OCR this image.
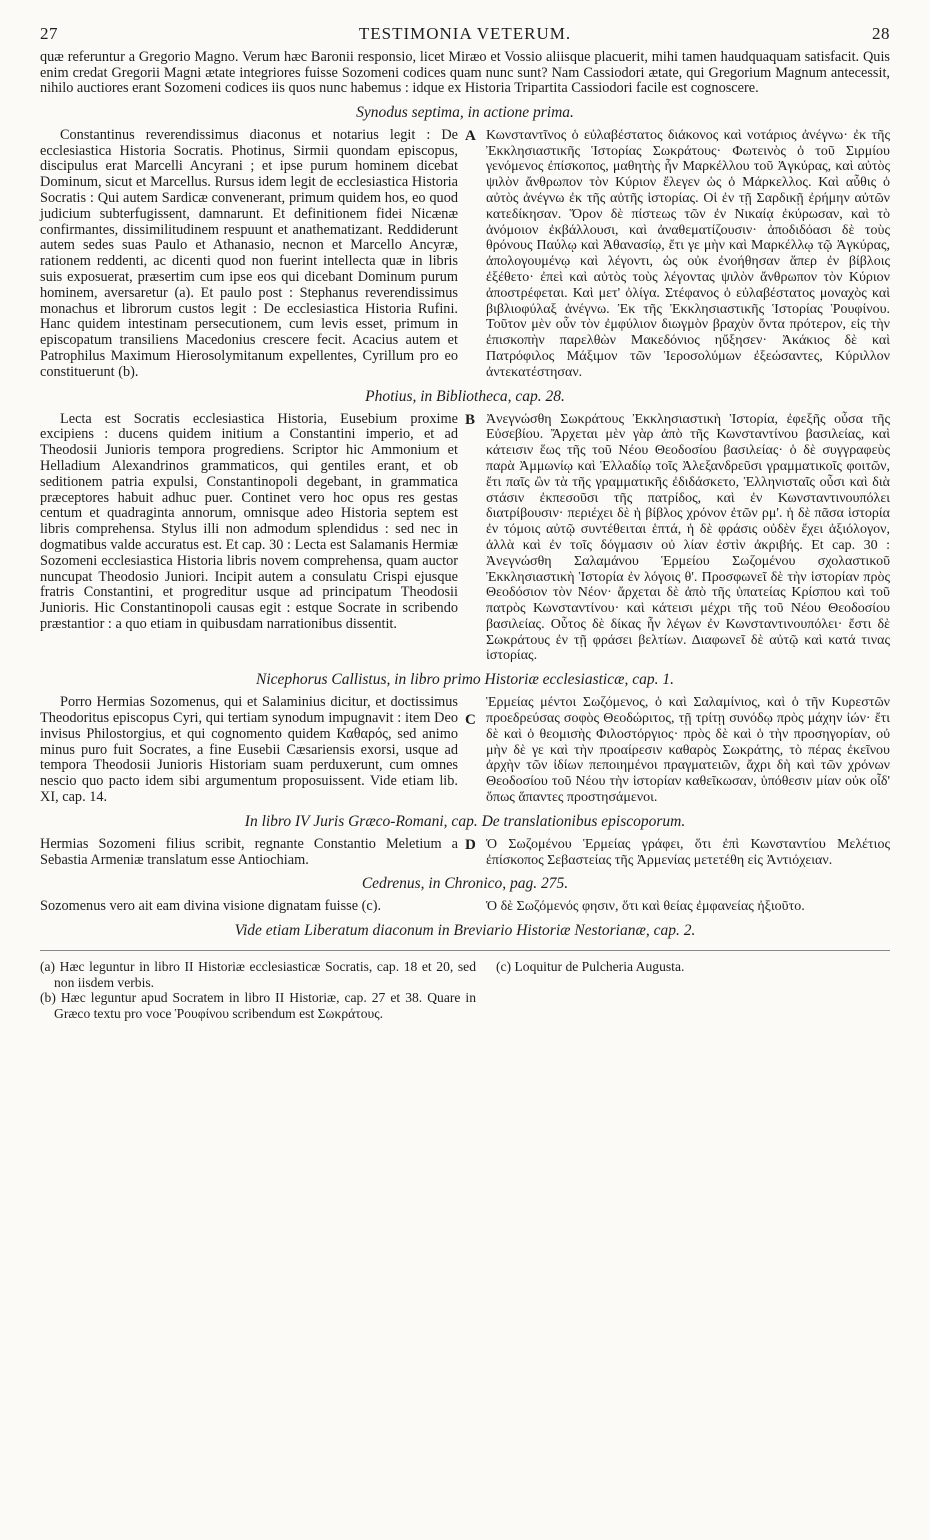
27	TESTIMONIA VETERUM.	28
quæ referuntur a Gregorio Magno. Verum hæc Baronii responsio, licet Miræo et Vossio aliisque placuerit, mihi tamen haudquaquam satisfacit. Quis enim credat Gregorii Magni ætate integriores fuisse Sozomeni codices quam nunc sunt? Nam Cassiodori ætate, qui Gregorium Magnum antecessit, nihilo auctiores erant Sozomeni codices iis quos nunc habemus : idque ex Historia Tripartita Cassiodori facile est cognoscere.
Synodus septima, in actione prima.
Constantinus reverendissimus diaconus et notarius legit : De ecclesiastica Historia Socratis. Photinus, Sirmii quondam episcopus, discipulus erat Marcelli Ancyrani ; et ipse purum hominem dicebat Dominum, sicut et Marcellus. Rursus idem legit de ecclesiastica Historia Socratis : Qui autem Sardicæ convenerant, primum quidem hos, eo quod judicium subterfugissent, damnarunt. Et definitionem fidei Nicænæ confirmantes, dissimilitudinem respuunt et anathematizant. Reddiderunt autem sedes suas Paulo et Athanasio, necnon et Marcello Ancyræ, rationem reddenti, ac dicenti quod non fuerint intellecta quæ in libris suis exposuerat, præsertim cum ipse eos qui dicebant Dominum purum hominem, aversaretur (a). Et paulo post : Stephanus reverendissimus monachus et librorum custos legit : De ecclesiastica Historia Rufini. Hanc quidem intestinam persecutionem, cum levis esset, primum in episcopatum transiliens Macedonius crescere fecit. Acacius autem et Patrophilus Maximum Hierosolymitanum expellentes, Cyrillum pro eo constituerunt (b).
A Κωνσταντῖνος ὁ εὐλαβέστατος διάκονος καὶ νοτάριος ἀνέγνω· ἐκ τῆς Ἐκκλησιαστικῆς Ἱστορίας Σωκράτους· Φωτεινὸς ὁ τοῦ Σιρμίου γενόμενος ἐπίσκοπος, μαθητὴς ἦν Μαρκέλλου τοῦ Ἀγκύρας, καὶ αὐτὸς ψιλὸν ἄνθρωπον τὸν Κύριον ἔλεγεν ὡς ὁ Μάρκελλος. Καὶ αὖθις ὁ αὐτὸς ἀνέγνω ἐκ τῆς αὐτῆς ἱστορίας. Οἱ ἐν τῇ Σαρδικῇ ἐρήμην αὐτῶν κατεδίκησαν. Ὅρον δὲ πίστεως τῶν ἐν Νικαίᾳ ἐκύρωσαν, καὶ τὸ ἀνόμοιον ἐκβάλλουσι, καὶ ἀναθεματίζουσιν· ἀποδιδόασι δὲ τοὺς θρόνους Παύλῳ καὶ Ἀθανασίῳ, ἔτι γε μὴν καὶ Μαρκέλλῳ τῷ Ἀγκύρας, ἀπολογουμένῳ καὶ λέγοντι, ὡς οὐκ ἐνοήθησαν ἅπερ ἐν βίβλοις ἐξέθετο· ἐπεὶ καὶ αὐτὸς τοὺς λέγοντας ψιλὸν ἄνθρωπον τὸν Κύριον ἀποστρέφεται. Καὶ μετ' ὀλίγα. Στέφανος ὁ εὐλαβέστατος μοναχὸς καὶ βιβλιοφύλαξ ἀνέγνω. Ἐκ τῆς Ἐκκλησιαστικῆς Ἱστορίας Ῥουφίνου. Τοῦτον μὲν οὖν τὸν ἐμφύλιον διωγμὸν βραχὺν ὄντα πρότερον, εἰς τὴν ἐπισκοπὴν παρελθὼν Μακεδόνιος ηὔξησεν· Ἀκάκιος δὲ καὶ Πατρόφιλος Μάξιμον τῶν Ἱεροσολύμων ἐξεώσαντες, Κύριλλον ἀντεκατέστησαν.
Photius, in Bibliotheca, cap. 28.
Lecta est Socratis ecclesiastica Historia, Eusebium proxime excipiens : ducens quidem initium a Constantini imperio, et ad Theodosii Junioris tempora progrediens. Scriptor hic Ammonium et Helladium Alexandrinos grammaticos, qui gentiles erant, et ob seditionem patria expulsi, Constantinopoli degebant, in grammatica præceptores habuit adhuc puer. Continet vero hoc opus res gestas centum et quadraginta annorum, omnisque adeo Historia septem est libris comprehensa. Stylus illi non admodum splendidus : sed nec in dogmatibus valde accuratus est. Et cap. 30 : Lecta est Salamanis Hermiæ Sozomeni ecclesiastica Historia libris novem comprehensa, quam auctor nuncupat Theodosio Juniori. Incipit autem a consulatu Crispi ejusque fratris Constantini, et progreditur usque ad principatum Theodosii Junioris. Hic Constantinopoli causas egit : estque Socrate in scribendo præstantior : a quo etiam in quibusdam narrationibus dissentit.
B
C
Ἀνεγνώσθη Σωκράτους Ἐκκλησιαστικὴ Ἱστορία, ἐφεξῆς οὖσα τῆς Εὐσεβίου. Ἄρχεται μὲν γὰρ ἀπὸ τῆς Κωνσταντίνου βασιλείας, καὶ κάτεισιν ἕως τῆς τοῦ Νέου Θεοδοσίου βασιλείας· ὁ δὲ συγγραφεὺς παρὰ Ἀμμωνίῳ καὶ Ἑλλαδίῳ τοῖς Ἀλεξανδρεῦσι γραμματικοῖς φοιτῶν, ἔτι παῖς ὢν τὰ τῆς γραμματικῆς ἐδιδάσκετο, Ἑλληνισταῖς οὖσι καὶ διὰ στάσιν ἐκπεσοῦσι τῆς πατρίδος, καὶ ἐν Κωνσταντινουπόλει διατρίβουσιν· περιέχει δὲ ἡ βίβλος χρόνον ἐτῶν ρμ'. ἡ δὲ πᾶσα ἱστορία ἐν τόμοις αὐτῷ συντέθειται ἑπτά, ἡ δὲ φράσις οὐδὲν ἔχει ἀξιόλογον, ἀλλὰ καὶ ἐν τοῖς δόγμασιν οὐ λίαν ἐστὶν ἀκριβής. Et cap. 30 : Ἀνεγνώσθη Σαλαμάνου Ἑρμείου Σωζομένου σχολαστικοῦ Ἐκκλησιαστικὴ Ἱστορία ἐν λόγοις θ'. Προσφωνεῖ δὲ τὴν ἱστορίαν πρὸς Θεοδόσιον τὸν Νέον· ἄρχεται δὲ ἀπὸ τῆς ὑπατείας Κρίσπου καὶ τοῦ πατρὸς Κωνσταντίνου· καὶ κάτεισι μέχρι τῆς τοῦ Νέου Θεοδοσίου βασιλείας. Οὗτος δὲ δίκας ἦν λέγων ἐν Κωνσταντινουπόλει· ἔστι δὲ Σωκράτους ἐν τῇ φράσει βελτίων. Διαφωνεῖ δὲ αὐτῷ καὶ κατά τινας ἱστορίας.
Nicephorus Callistus, in libro primo Historiæ ecclesiasticæ, cap. 1.
Porro Hermias Sozomenus, qui et Salaminius dicitur, et doctissimus Theodoritus episcopus Cyri, qui tertiam synodum impugnavit : item Deo invisus Philostorgius, et qui cognomento quidem Καθαρός, sed animo minus puro fuit Socrates, a fine Eusebii Cæsariensis exorsi, usque ad tempora Theodosii Junioris Historiam suam perduxerunt, cum omnes nescio quo pacto idem sibi argumentum proposuissent. Vide etiam lib. XI, cap. 14.
Ἑρμείας μέντοι Σωζόμενος, ὁ καὶ Σαλαμίνιος, καὶ ὁ τῆν Κυρεστῶν προεδρεύσας σοφὸς Θεοδώριτος, τῇ τρίτῃ συνόδῳ πρὸς μάχην ἰών· ἔτι δὲ καὶ ὁ θεομισὴς Φιλοστόργιος· πρὸς δὲ καὶ ὁ τὴν προσηγορίαν, οὐ μὴν δὲ γε καὶ τὴν προαίρεσιν καθαρὸς Σωκράτης, τὸ πέρας ἐκεῖνου ἀρχὴν τῶν ἰδίων πεποιημένοι πραγματειῶν, ἄχρι δὴ καὶ τῶν χρόνων Θεοδοσίου τοῦ Νέου τὴν ἱστορίαν καθεῖκωσαν, ὑπόθεσιν μίαν οὐκ οἶδ' ὅπως ἅπαντες προστησάμενοι.
In libro IV Juris Græco-Romani, cap. De translationibus episcoporum.
Hermias Sozomeni filius scribit, regnante Constantio Meletium a Sebastia Armeniæ translatum esse Antiochiam.
D Ὁ Σωζομένου Ἑρμείας γράφει, ὅτι ἐπὶ Κωνσταντίου Μελέτιος ἐπίσκοπος Σεβαστείας τῆς Ἀρμενίας μετετέθη εἰς Ἀντιόχειαν.
Cedrenus, in Chronico, pag. 275.
Sozomenus vero ait eam divina visione dignatam fuisse (c).	Ὁ δὲ Σωζόμενός φησιν, ὅτι καὶ θείας ἐμφανείας ἠξιοῦτο.
Vide etiam Liberatum diaconum in Breviario Historiæ Nestorianæ, cap. 2.
(a) Hæc leguntur in libro II Historiæ ecclesiasticæ Socratis, cap. 18 et 20, sed non iisdem verbis.
(b) Hæc leguntur apud Socratem in libro II Historiæ, cap. 27 et 38. Quare in Græco textu pro voce Ῥουφίνου scribendum est Σωκράτους.
(c) Loquitur de Pulcheria Augusta.
